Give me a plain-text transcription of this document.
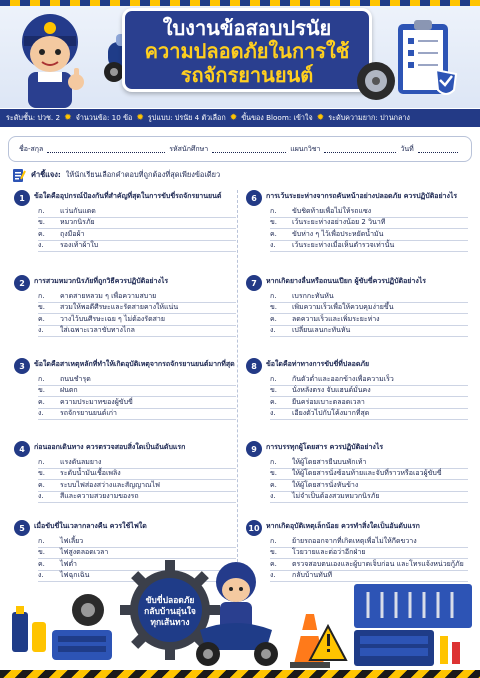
ใบงานข้อสอบปรนัย
ความปลอดภัยในการใช้
รถจักรยานยนต์
ระดับชั้น: ปวช. 2 ✹ จำนวนข้อ: 10 ข้อ ✹ รูปแบบ: ปรนัย 4 ตัวเลือก ✹ ขั้นของ Bloom: เข้าใจ ✹ ระดับความยาก: ปานกลาง
ชื่อ-สกุล	รหัสนักศึกษา	แผนกวิชา	วันที่
คำชี้แจง: ให้นักเรียนเลือกคำตอบที่ถูกต้องที่สุดเพียงข้อเดียว
1	ข้อใดคืออุปกรณ์ป้องกันที่สำคัญที่สุดในการขับขี่รถจักรยานยนต์
ก.	แว่นกันแดด
ข.	หมวกนิรภัย
ค.	ถุงมือผ้า
ง.	รองเท้าผ้าใบ
2	การสวมหมวกนิรภัยที่ถูกวิธีควรปฏิบัติอย่างไร
ก.	คาดสายหลวม ๆ เพื่อความสบาย
ข.	สวมให้พอดีศีรษะและรัดสายคางให้แน่น
ค.	วางไว้บนศีรษะเฉย ๆ ไม่ต้องรัดสาย
ง.	ใส่เฉพาะเวลาขับทางไกล
3	ข้อใดคือสาเหตุหลักที่ทำให้เกิดอุบัติเหตุจากรถจักรยานยนต์มากที่สุด
ก.	ถนนชำรุด
ข.	ฝนตก
ค.	ความประมาทของผู้ขับขี่
ง.	รถจักรยานยนต์เก่า
4	ก่อนออกเดินทาง ควรตรวจสอบสิ่งใดเป็นอันดับแรก
ก.	แรงดันลมยาง
ข.	ระดับน้ำมันเชื้อเพลิง
ค.	ระบบไฟส่องสว่างและสัญญาณไฟ
ง.	สีและความสวยงามของรถ
5	เมื่อขับขี่ในเวลากลางคืน ควรใช้ไฟใด
ก.	ไฟเลี้ยว
ข.	ไฟสูงตลอดเวลา
ค.	ไฟต่ำ
ง.	ไฟฉุกเฉิน
6	การเว้นระยะห่างจากรถคันหน้าอย่างปลอดภัย ควรปฏิบัติอย่างไร
ก.	ขับชิดท้ายเพื่อไม่ให้รถแซง
ข.	เว้นระยะห่างอย่างน้อย 2 วินาที
ค.	ขับห่าง ๆ ไว้เพื่อประหยัดน้ำมัน
ง.	เว้นระยะห่างเมื่อเห็นตำรวจเท่านั้น
7	หากเกิดยางลื่นหรือถนนเปียก ผู้ขับขี่ควรปฏิบัติอย่างไร
ก.	เบรกกะทันหัน
ข.	เพิ่มความเร็วเพื่อให้ควบคุมง่ายขึ้น
ค.	ลดความเร็วและเพิ่มระยะห่าง
ง.	เปลี่ยนเลนกะทันหัน
8	ข้อใดคือท่าทางการขับขี่ที่ปลอดภัย
ก.	กันตัวต่ำและออกข้างเพื่อความเร็ว
ข.	นั่งหลังตรง จับแฮนด์มั่นคง
ค.	ยืนคร่อมเบาะตลอดเวลา
ง.	เอียงตัวไปกับโค้งมากที่สุด
9	การบรรทุกผู้โดยสาร ควรปฏิบัติอย่างไร
ก.	ให้ผู้โดยสารยืนบนพักเท้า
ข.	ให้ผู้โดยสารนั่งซ้อนท้ายและจับที่ราวหรือเอวผู้ขับขี่
ค.	ให้ผู้โดยสารนั่งหันข้าง
ง.	ไม่จำเป็นต้องสวมหมวกนิรภัย
10 หากเกิดอุบัติเหตุเล็กน้อย ควรทำสิ่งใดเป็นอันดับแรก
ก.	ย้ายรถออกจากที่เกิดเหตุเพื่อไม่ให้กีดขวาง
ข.	โวยวายและต่อว่าอีกฝ่าย
ค.	ตรวจสอบตนเองและผู้บาดเจ็บก่อน และโทรแจ้งหน่วยกู้ภัย
ง.	กลับบ้านทันที
ขับขี่ปลอดภัย
กลับบ้านอุ่นใจ
ทุกเส้นทาง
